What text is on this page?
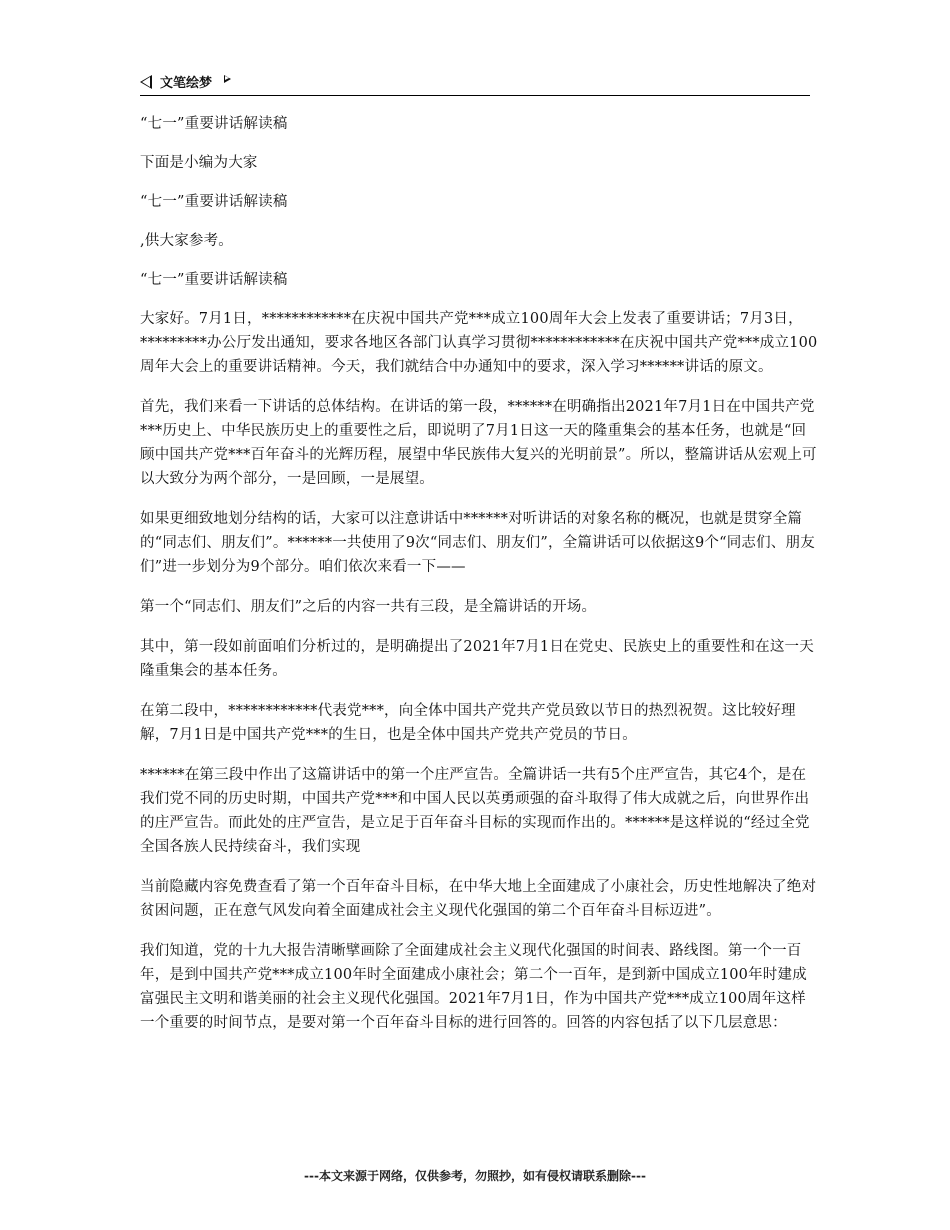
文笔绘梦

“七一”重要讲话解读稿

下面是小编为大家

“七一”重要讲话解读稿

,供大家参考。

“七一”重要讲话解读稿

大家好。7月1日，************在庆祝中国共产党***成立100周年大会上发表了重要讲话；7月3日，*********办公厅发出通知，要求各地区各部门认真学习贯彻************在庆祝中国共产党***成立100周年大会上的重要讲话精神。今天，我们就结合中办通知中的要求，深入学习******讲话的原文。

首先，我们来看一下讲话的总体结构。在讲话的第一段，******在明确指出2021年7月1日在中国共产党***历史上、中华民族历史上的重要性之后，即说明了7月1日这一天的隆重集会的基本任务，也就是“回顾中国共产党***百年奋斗的光辉历程，展望中华民族伟大复兴的光明前景”。所以，整篇讲话从宏观上可以大致分为两个部分，一是回顾，一是展望。

如果更细致地划分结构的话，大家可以注意讲话中******对听讲话的对象名称的概况，也就是贯穿全篇的“同志们、朋友们”。******一共使用了9次“同志们、朋友们”，全篇讲话可以依据这9个“同志们、朋友们”进一步划分为9个部分。咱们依次来看一下——

第一个“同志们、朋友们”之后的内容一共有三段，是全篇讲话的开场。

其中，第一段如前面咱们分析过的，是明确提出了2021年7月1日在党史、民族史上的重要性和在这一天隆重集会的基本任务。

在第二段中，************代表党***，向全体中国共产党共产党员致以节日的热烈祝贺。这比较好理解，7月1日是中国共产党***的生日，也是全体中国共产党共产党员的节日。

******在第三段中作出了这篇讲话中的第一个庄严宣告。全篇讲话一共有5个庄严宣告，其它4个，是在我们党不同的历史时期，中国共产党***和中国人民以英勇顽强的奋斗取得了伟大成就之后，向世界作出的庄严宣告。而此处的庄严宣告，是立足于百年奋斗目标的实现而作出的。******是这样说的“经过全党全国各族人民持续奋斗，我们实现

当前隐藏内容免费查看了第一个百年奋斗目标，在中华大地上全面建成了小康社会，历史性地解决了绝对贫困问题，正在意气风发向着全面建成社会主义现代化强国的第二个百年奋斗目标迈进”。

我们知道，党的十九大报告清晰擘画除了全面建成社会主义现代化强国的时间表、路线图。第一个一百年，是到中国共产党***成立100年时全面建成小康社会；第二个一百年，是到新中国成立100年时建成富强民主文明和谐美丽的社会主义现代化强国。2021年7月1日，作为中国共产党***成立100周年这样一个重要的时间节点，是要对第一个百年奋斗目标的进行回答的。回答的内容包括了以下几层意思：

---本文来源于网络，仅供参考，勿照抄，如有侵权请联系删除---
